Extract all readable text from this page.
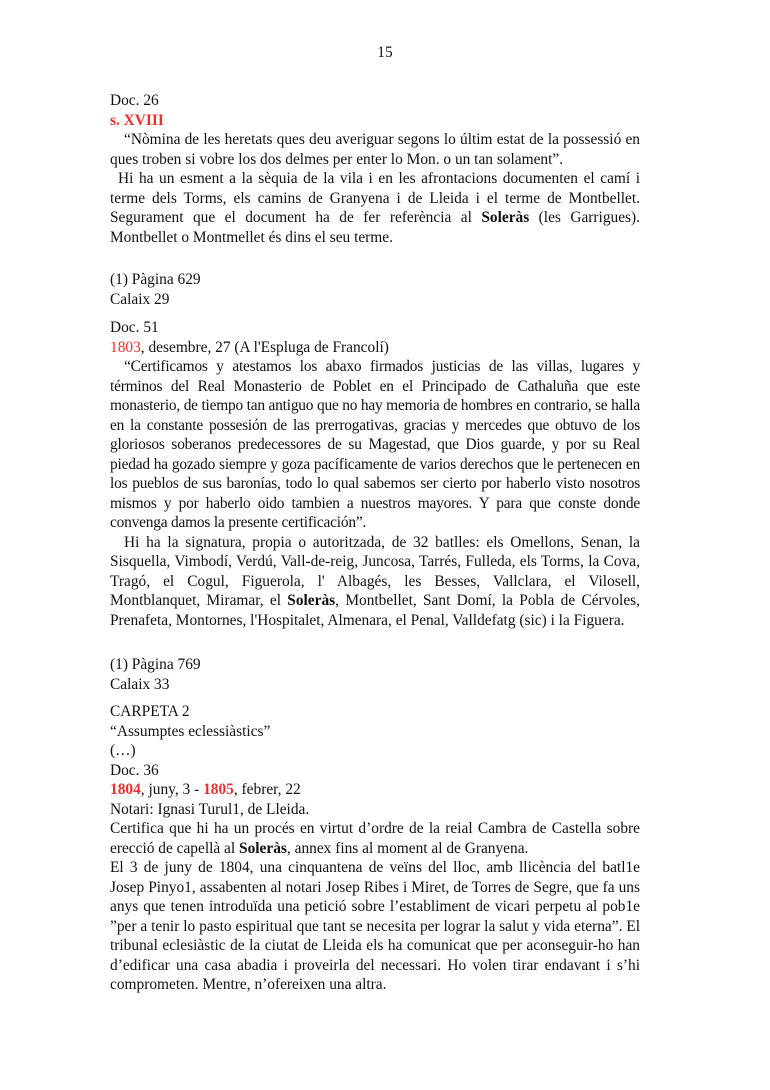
15

Doc. 26

s. XVIII

“Nòmina de les heretats ques deu averiguar segons lo últim estat de la possessió en ques troben si vobre los dos delmes per enter lo Mon. o un tan solament”.

Hi ha un esment a la sèquia de la vila i en les afrontacions documenten el camí i terme dels Torms, els camins de Granyena i de Lleida i el terme de Montbellet. Segurament que el document ha de fer referència al Soleràs (les Garrigues). Montbellet o Montmellet és dins el seu terme.

(1) Pàgina 629

Calaix 29

Doc. 51

1803, desembre, 27 (A l'Espluga de Francolí)

“Certificamos y atestamos los abaxo firmados justicias de las villas, lugares y términos del Real Monasterio de Poblet en el Principado de Cathaluña que este monasterio, de tiempo tan antiguo que no hay memoria de hombres en contrario, se halla en la constante possesión de las prerrogativas, gracias y mercedes que obtuvo de los gloriosos soberanos predecessores de su Magestad, que Dios guarde, y por su Real piedad ha gozado siempre y goza pacíficamente de varios derechos que le pertenecen en los pueblos de sus baronías, todo lo qual sabemos ser cierto por haberlo visto nosotros mismos y por haberlo oido tambien a nuestros mayores. Y para que conste donde convenga damos la presente certificación”.

Hi ha la signatura, propia o autoritzada, de 32 batlles: els Omellons, Senan, la Sisquella, Vimbodí, Verdú, Vall-de-reig, Juncosa, Tarrés, Fulleda, els Torms, la Cova, Tragó, el Cogul, Figuerola, l' Albagés, les Besses, Vallclara, el Vilosell, Montblanquet, Miramar, el Soleràs, Montbellet, Sant Domí, la Pobla de Cérvoles, Prenafeta, Montornes, l'Hospitalet, Almenara, el Penal, Valldefatg (sic) i la Figuera.

(1) Pàgina 769

Calaix 33

CARPETA 2

“Assumptes eclessiàstics”

(…)

Doc. 36

1804, juny, 3 - 1805, febrer, 22

Notari: Ignasi Turul1, de Lleida.

Certifica que hi ha un procés en virtut d’ordre de la reial Cambra de Castella sobre erecció de capellà al Soleràs, annex fins al moment al de Granyena.

El 3 de juny de 1804, una cinquantena de veïns del lloc, amb llicència del batl1e Josep Pinyo1, assabenten al notari Josep Ribes i Miret, de Torres de Segre, que fa uns anys que tenen introduïda una petició sobre l’establiment de vicari perpetu al pob1e ”per a tenir lo pasto espiritual que tant se necesita per lograr la salut y vida eterna”. El tribunal eclesiàstic de la ciutat de Lleida els ha comunicat que per aconseguir-ho han d’edificar una casa abadia i proveirla del necessari. Ho volen tirar endavant i s’hi comprometen. Mentre, n’ofereixen una altra.
